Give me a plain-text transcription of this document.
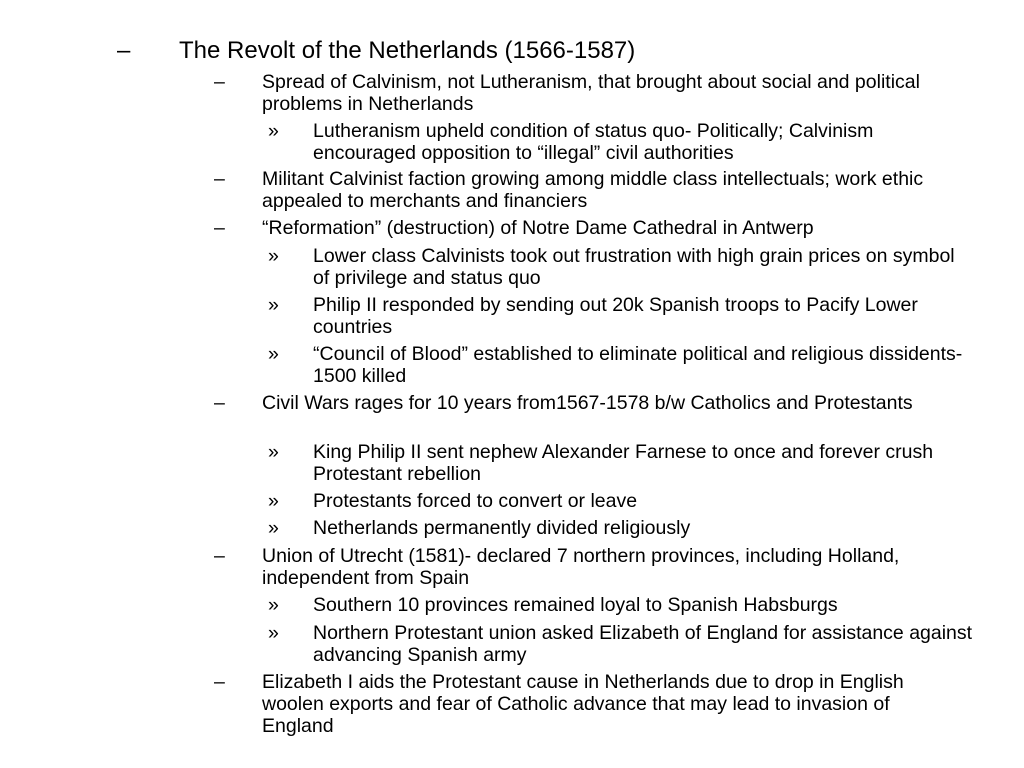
– The Revolt of the Netherlands (1566-1587)
– Spread of Calvinism, not Lutheranism, that brought about social and political problems in Netherlands
» Lutheranism upheld condition of status quo- Politically; Calvinism encouraged opposition to “illegal” civil authorities
– Militant Calvinist faction growing among middle class intellectuals; work ethic appealed to merchants and financiers
– “Reformation” (destruction) of Notre Dame Cathedral in Antwerp
» Lower class Calvinists took out frustration with high grain prices on symbol of privilege and status quo
» Philip II responded by sending out 20k Spanish troops to Pacify Lower countries
» “Council of Blood” established to eliminate political and religious dissidents- 1500 killed
– Civil Wars rages for 10 years from1567-1578 b/w Catholics and Protestants
» King Philip II sent nephew Alexander Farnese to once and forever crush Protestant rebellion
» Protestants forced to convert or leave
» Netherlands permanently divided religiously
– Union of Utrecht (1581)- declared 7 northern provinces, including Holland, independent from Spain
» Southern 10 provinces remained loyal to Spanish Habsburgs
» Northern Protestant union asked Elizabeth of England for assistance against advancing Spanish army
– Elizabeth I aids the Protestant cause in Netherlands due to drop in English woolen exports and fear of Catholic advance that may lead to invasion of England
